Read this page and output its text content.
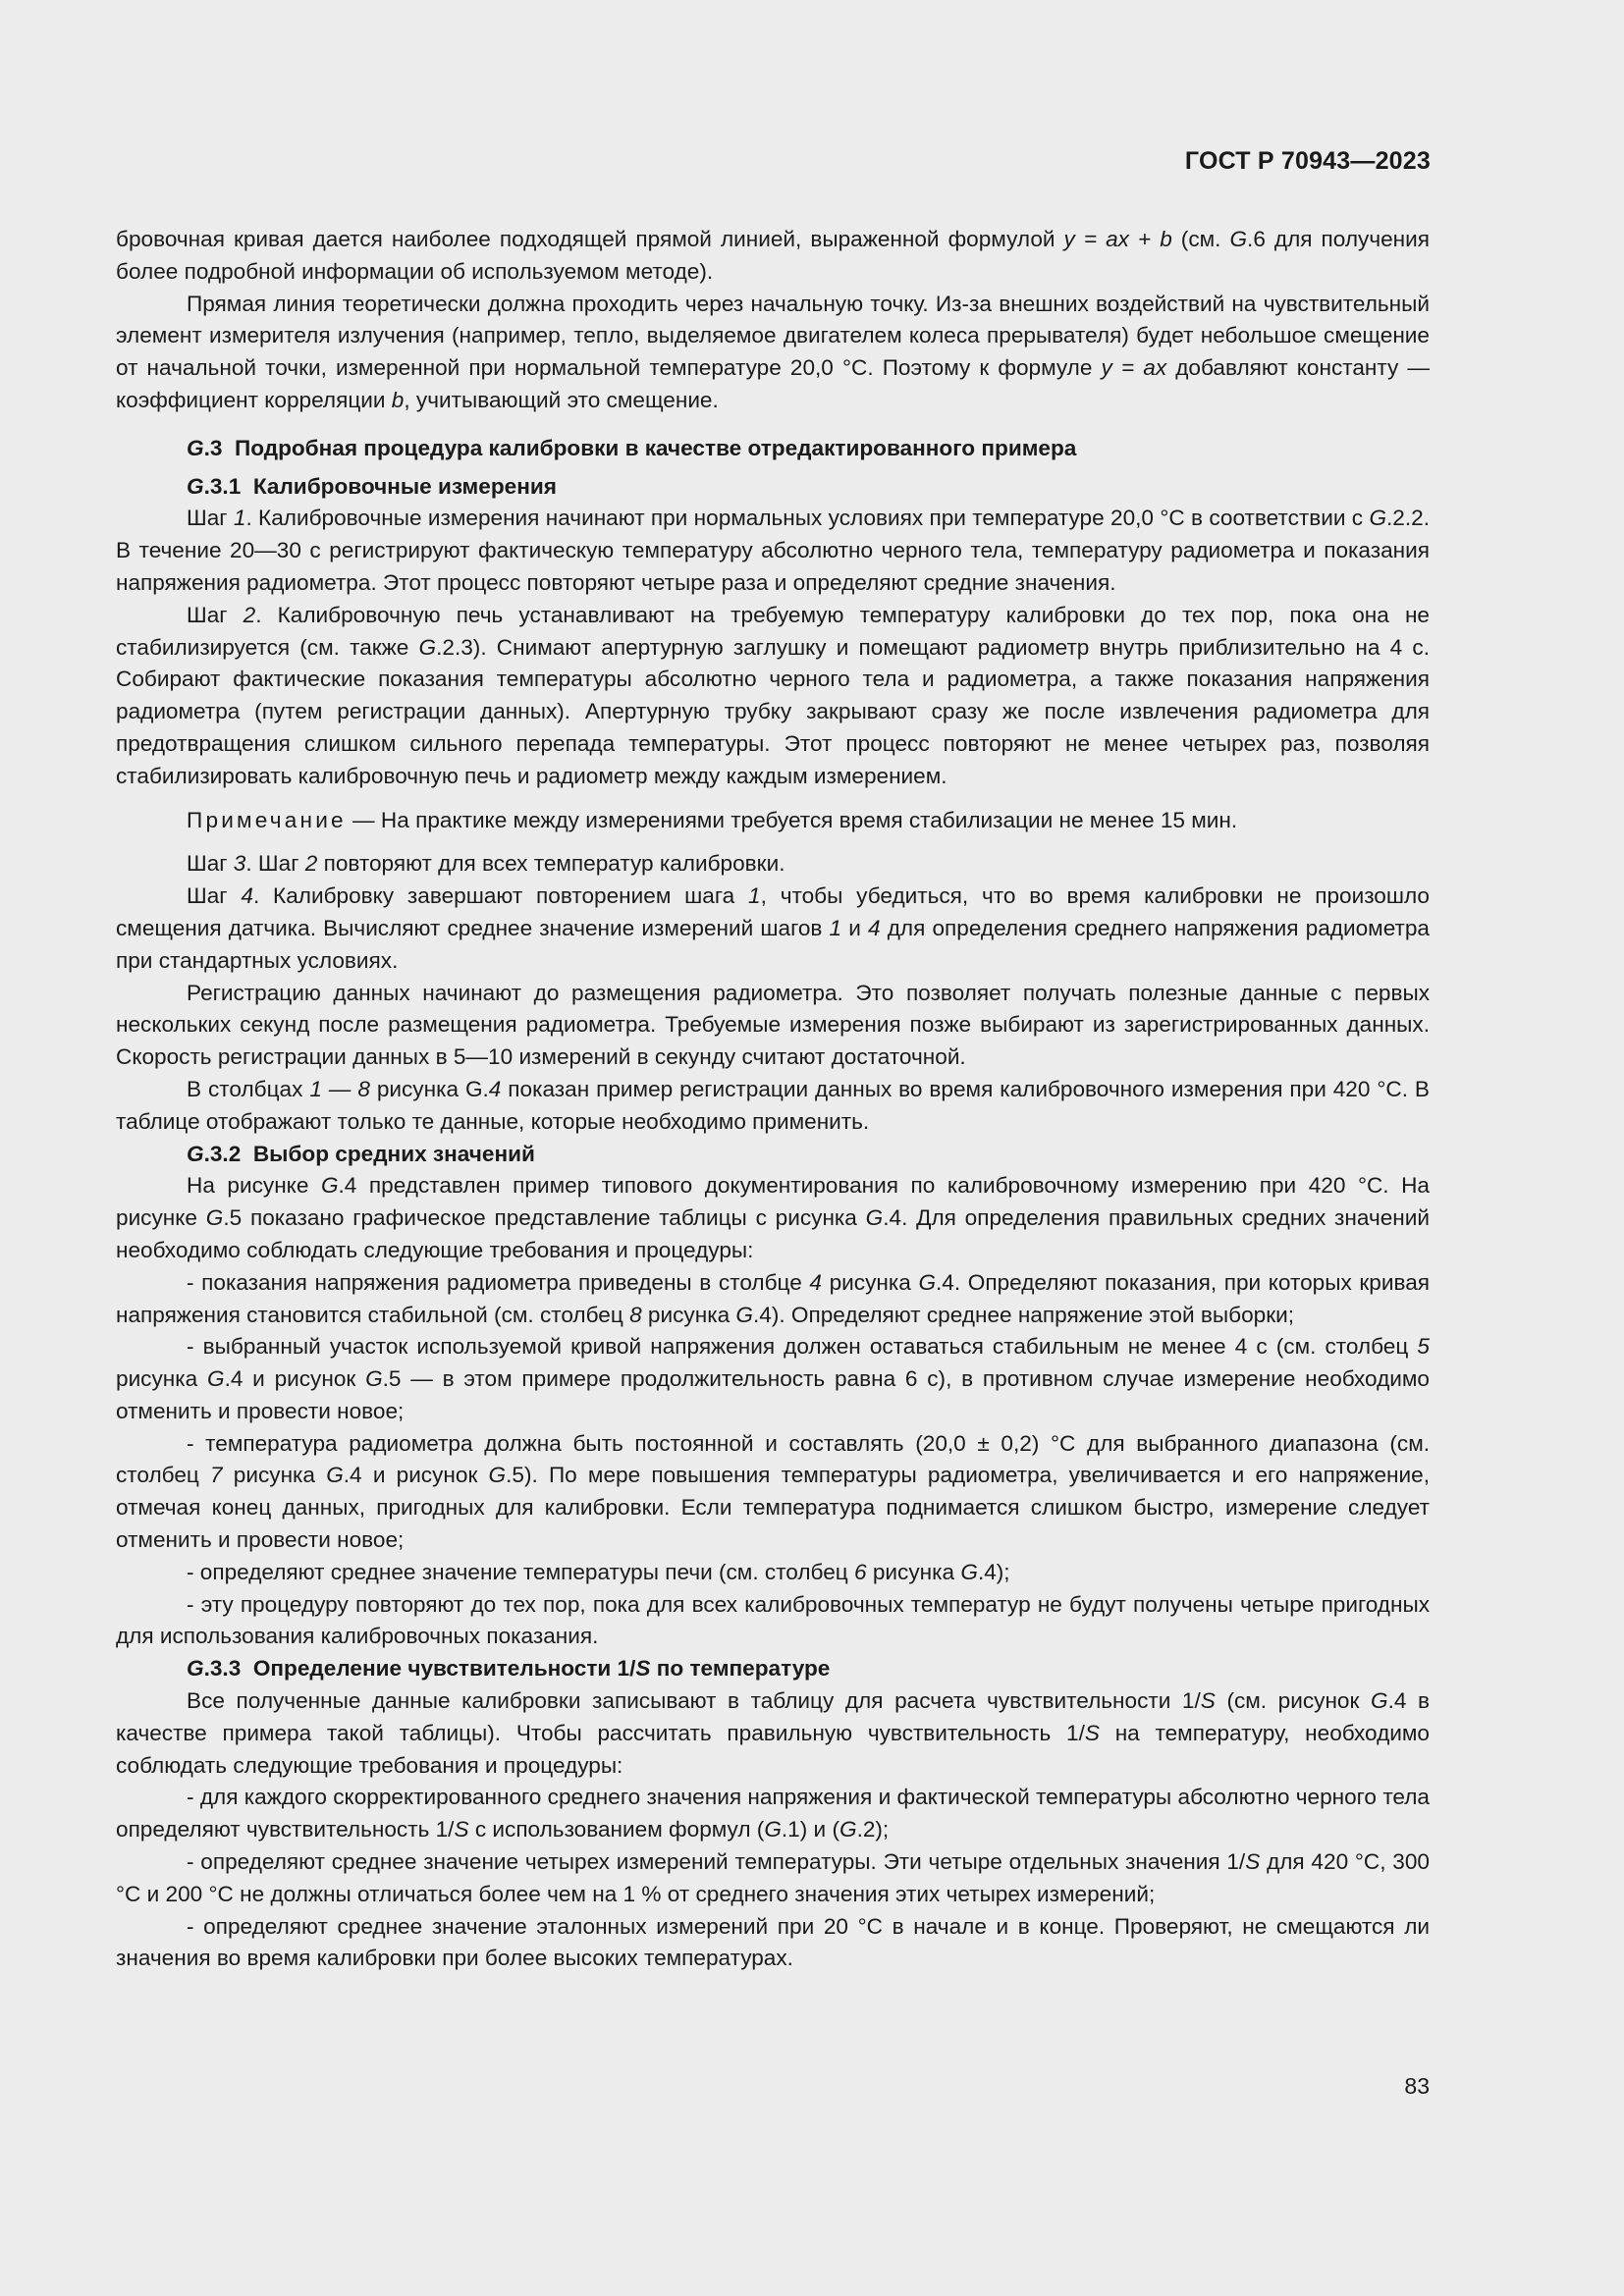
ГОСТ Р 70943—2023

бровочная кривая дается наиболее подходящей прямой линией, выраженной формулой y = ax + b (см. G.6 для получения более подробной информации об используемом методе).

Прямая линия теоретически должна проходить через начальную точку. Из-за внешних воздействий на чувствительный элемент измерителя излучения (например, тепло, выделяемое двигателем колеса прерывателя) будет небольшое смещение от начальной точки, измеренной при нормальной температуре 20,0 °С. Поэтому к формуле y = ax добавляют константу — коэффициент корреляции b, учитывающий это смещение.

G.3 Подробная процедура калибровки в качестве отредактированного примера

G.3.1 Калибровочные измерения

Шаг 1. Калибровочные измерения начинают при нормальных условиях при температуре 20,0 °С в соответствии с G.2.2. В течение 20—30 с регистрируют фактическую температуру абсолютно черного тела, температуру радиометра и показания напряжения радиометра. Этот процесс повторяют четыре раза и определяют средние значения.

Шаг 2. Калибровочную печь устанавливают на требуемую температуру калибровки до тех пор, пока она не стабилизируется (см. также G.2.3). Снимают апертурную заглушку и помещают радиометр внутрь приблизительно на 4 с. Собирают фактические показания температуры абсолютно черного тела и радиометра, а также показания напряжения радиометра (путем регистрации данных). Апертурную трубку закрывают сразу же после извлечения радиометра для предотвращения слишком сильного перепада температуры. Этот процесс повторяют не менее четырех раз, позволяя стабилизировать калибровочную печь и радиометр между каждым измерением.

Примечание — На практике между измерениями требуется время стабилизации не менее 15 мин.

Шаг 3. Шаг 2 повторяют для всех температур калибровки.

Шаг 4. Калибровку завершают повторением шага 1, чтобы убедиться, что во время калибровки не произошло смещения датчика. Вычисляют среднее значение измерений шагов 1 и 4 для определения среднего напряжения радиометра при стандартных условиях.

Регистрацию данных начинают до размещения радиометра. Это позволяет получать полезные данные с первых нескольких секунд после размещения радиометра. Требуемые измерения позже выбирают из зарегистрированных данных. Скорость регистрации данных в 5—10 измерений в секунду считают достаточной.

В столбцах 1 — 8 рисунка G.4 показан пример регистрации данных во время калибровочного измерения при 420 °С. В таблице отображают только те данные, которые необходимо применить.

G.3.2 Выбор средних значений

На рисунке G.4 представлен пример типового документирования по калибровочному измерению при 420 °С. На рисунке G.5 показано графическое представление таблицы с рисунка G.4. Для определения правильных средних значений необходимо соблюдать следующие требования и процедуры:

- показания напряжения радиометра приведены в столбце 4 рисунка G.4. Определяют показания, при которых кривая напряжения становится стабильной (см. столбец 8 рисунка G.4). Определяют среднее напряжение этой выборки;

- выбранный участок используемой кривой напряжения должен оставаться стабильным не менее 4 с (см. столбец 5 рисунка G.4 и рисунок G.5 — в этом примере продолжительность равна 6 с), в противном случае измерение необходимо отменить и провести новое;

- температура радиометра должна быть постоянной и составлять (20,0 ± 0,2) °С для выбранного диапазона (см. столбец 7 рисунка G.4 и рисунок G.5). По мере повышения температуры радиометра, увеличивается и его напряжение, отмечая конец данных, пригодных для калибровки. Если температура поднимается слишком быстро, измерение следует отменить и провести новое;

- определяют среднее значение температуры печи (см. столбец 6 рисунка G.4);

- эту процедуру повторяют до тех пор, пока для всех калибровочных температур не будут получены четыре пригодных для использования калибровочных показания.

G.3.3 Определение чувствительности 1/S по температуре

Все полученные данные калибровки записывают в таблицу для расчета чувствительности 1/S (см. рисунок G.4 в качестве примера такой таблицы). Чтобы рассчитать правильную чувствительность 1/S на температуру, необходимо соблюдать следующие требования и процедуры:

- для каждого скорректированного среднего значения напряжения и фактической температуры абсолютно черного тела определяют чувствительность 1/S с использованием формул (G.1) и (G.2);

- определяют среднее значение четырех измерений температуры. Эти четыре отдельных значения 1/S для 420 °С, 300 °С и 200 °С не должны отличаться более чем на 1 % от среднего значения этих четырех измерений;

- определяют среднее значение эталонных измерений при 20 °С в начале и в конце. Проверяют, не смещаются ли значения во время калибровки при более высоких температурах.

83
